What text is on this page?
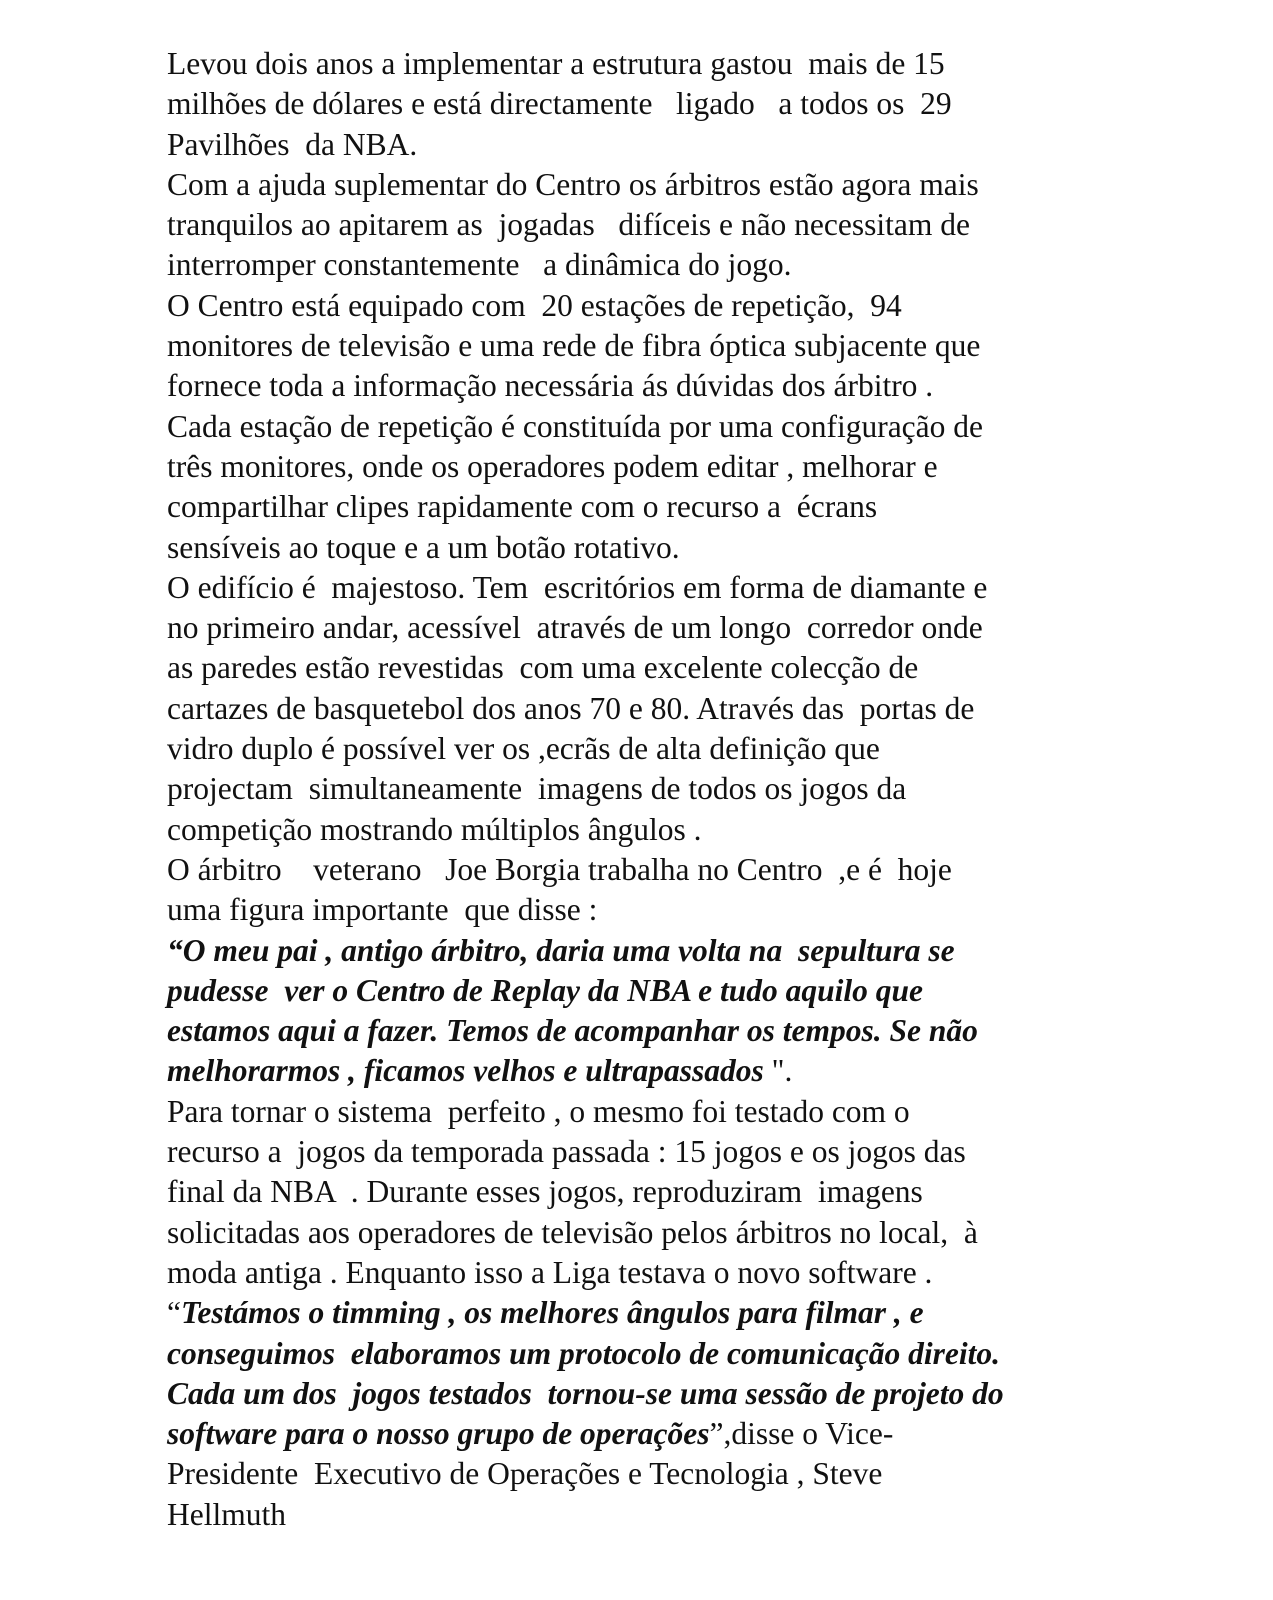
Levou dois anos a implementar a estrutura gastou  mais de 15
milhões de dólares e está directamente   ligado   a todos os  29
Pavilhões  da NBA.
Com a ajuda suplementar do Centro os árbitros estão agora mais
tranquilos ao apitarem as  jogadas   difíceis e não necessitam de
interromper constantemente   a dinâmica do jogo.
O Centro está equipado com  20 estações de repetição,  94
monitores de televisão e uma rede de fibra óptica subjacente que
fornece toda a informação necessária ás dúvidas dos árbitro .
Cada estação de repetição é constituída por uma configuração de
três monitores, onde os operadores podem editar , melhorar e
compartilhar clipes rapidamente com o recurso a  écrans
sensíveis ao toque e a um botão rotativo.
O edifício é  majestoso. Tem  escritórios em forma de diamante e
no primeiro andar, acessível  através de um longo  corredor onde
as paredes estão revestidas  com uma excelente colecção de
cartazes de basquetebol dos anos 70 e 80. Através das  portas de
vidro duplo é possível ver os ,ecrãs de alta definição que
projectam  simultaneamente  imagens de todos os jogos da
competição mostrando múltiplos ângulos .
O árbitro    veterano   Joe Borgia trabalha no Centro  ,e é  hoje
uma figura importante  que disse :
“O meu pai , antigo árbitro, daria uma volta na  sepultura se
pudesse  ver o Centro de Replay da NBA e tudo aquilo que
estamos aqui a fazer. Temos de acompanhar os tempos. Se não
melhorarmos , ficamos velhos e ultrapassados ".
Para tornar o sistema  perfeito , o mesmo foi testado com o
recurso a  jogos da temporada passada : 15 jogos e os jogos das
final da NBA  . Durante esses jogos, reproduziram  imagens
solicitadas aos operadores de televisão pelos árbitros no local,  à
moda antiga . Enquanto isso a Liga testava o novo software .
“Testámos o timming , os melhores ângulos para filmar , e
conseguimos  elaboramos um protocolo de comunicação direito.
Cada um dos  jogos testados  tornou-se uma sessão de projeto do
software para o nosso grupo de operações”,disse o Vice-
Presidente  Executivo de Operações e Tecnologia , Steve
Hellmuth
